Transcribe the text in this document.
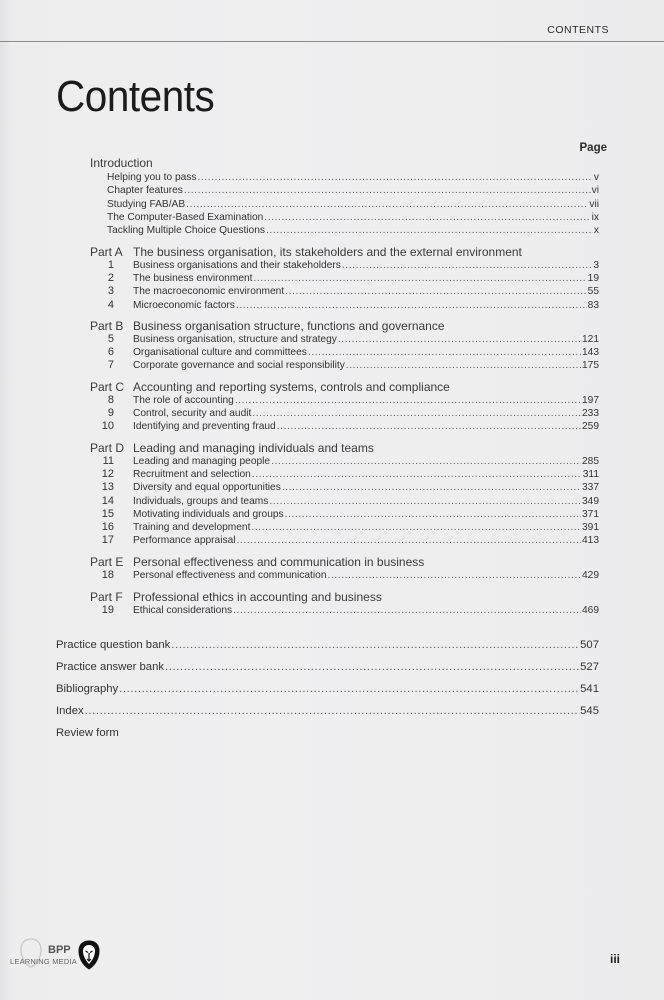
CONTENTS
Contents
Page
Introduction
Helping you to pass .....	v
Chapter features .....	vi
Studying FAB/AB .....	vii
The Computer-Based Examination .....	ix
Tackling Multiple Choice Questions .....	x
Part A The business organisation, its stakeholders and the external environment
1 Business organisations and their stakeholders .....	3
2 The business environment .....	19
3 The macroeconomic environment .....	55
4 Microeconomic factors .....	83
Part B Business organisation structure, functions and governance
5 Business organisation, structure and strategy .....	121
6 Organisational culture and committees .....	143
7 Corporate governance and social responsibility .....	175
Part C Accounting and reporting systems, controls and compliance
8 The role of accounting .....	197
9 Control, security and audit .....	233
10 Identifying and preventing fraud .....	259
Part D Leading and managing individuals and teams
11 Leading and managing people .....	285
12 Recruitment and selection .....	311
13 Diversity and equal opportunities .....	337
14 Individuals, groups and teams .....	349
15 Motivating individuals and groups .....	371
16 Training and development .....	391
17 Performance appraisal .....	413
Part E Personal effectiveness and communication in business
18 Personal effectiveness and communication .....	429
Part F Professional ethics in accounting and business
19 Ethical considerations .....	469
Practice question bank .....	507
Practice answer bank .....	527
Bibliography .....	541
Index .....	545
Review form
BPP
LEARNING MEDIA	iii
